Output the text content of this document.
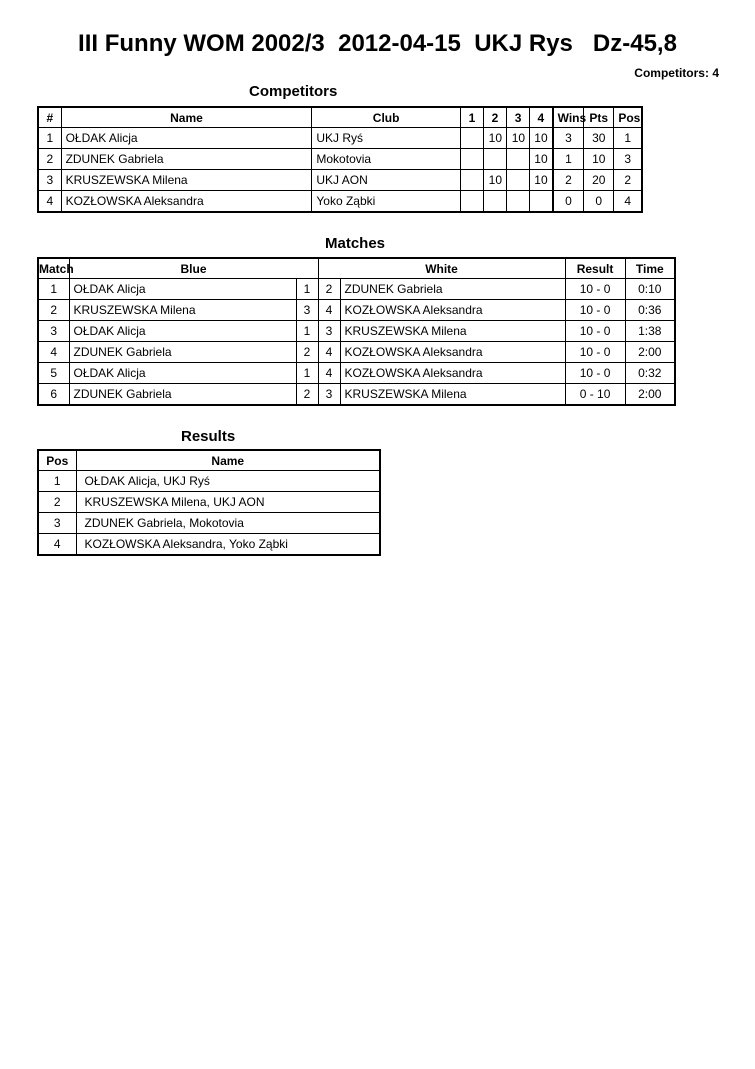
III Funny WOM 2002/3  2012-04-15  UKJ Rys   Dz-45,8
Competitors: 4
Competitors
#	Name	Club	1	2	3	4	Wins	Pts	Pos
1	OŁDAK Alicja	UKJ Ryś		10	10	10	3	30	1
2	ZDUNEK Gabriela	Mokotovia				10	1	10	3
3	KRUSZEWSKA Milena	UKJ AON		10		10	2	20	2
4	KOZŁOWSKA Aleksandra	Yoko Ząbki					0	0	4
Matches
Match	Blue		White		Result	Time
1	OŁDAK Alicja	1	2	ZDUNEK Gabriela	10 - 0	0:10
2	KRUSZEWSKA Milena	3	4	KOZŁOWSKA Aleksandra	10 - 0	0:36
3	OŁDAK Alicja	1	3	KRUSZEWSKA Milena	10 - 0	1:38
4	ZDUNEK Gabriela	2	4	KOZŁOWSKA Aleksandra	10 - 0	2:00
5	OŁDAK Alicja	1	4	KOZŁOWSKA Aleksandra	10 - 0	0:32
6	ZDUNEK Gabriela	2	3	KRUSZEWSKA Milena	0 - 10	2:00
Results
Pos	Name
1	OŁDAK Alicja, UKJ Ryś
2	KRUSZEWSKA Milena, UKJ AON
3	ZDUNEK Gabriela, Mokotovia
4	KOZŁOWSKA Aleksandra, Yoko Ząbki
